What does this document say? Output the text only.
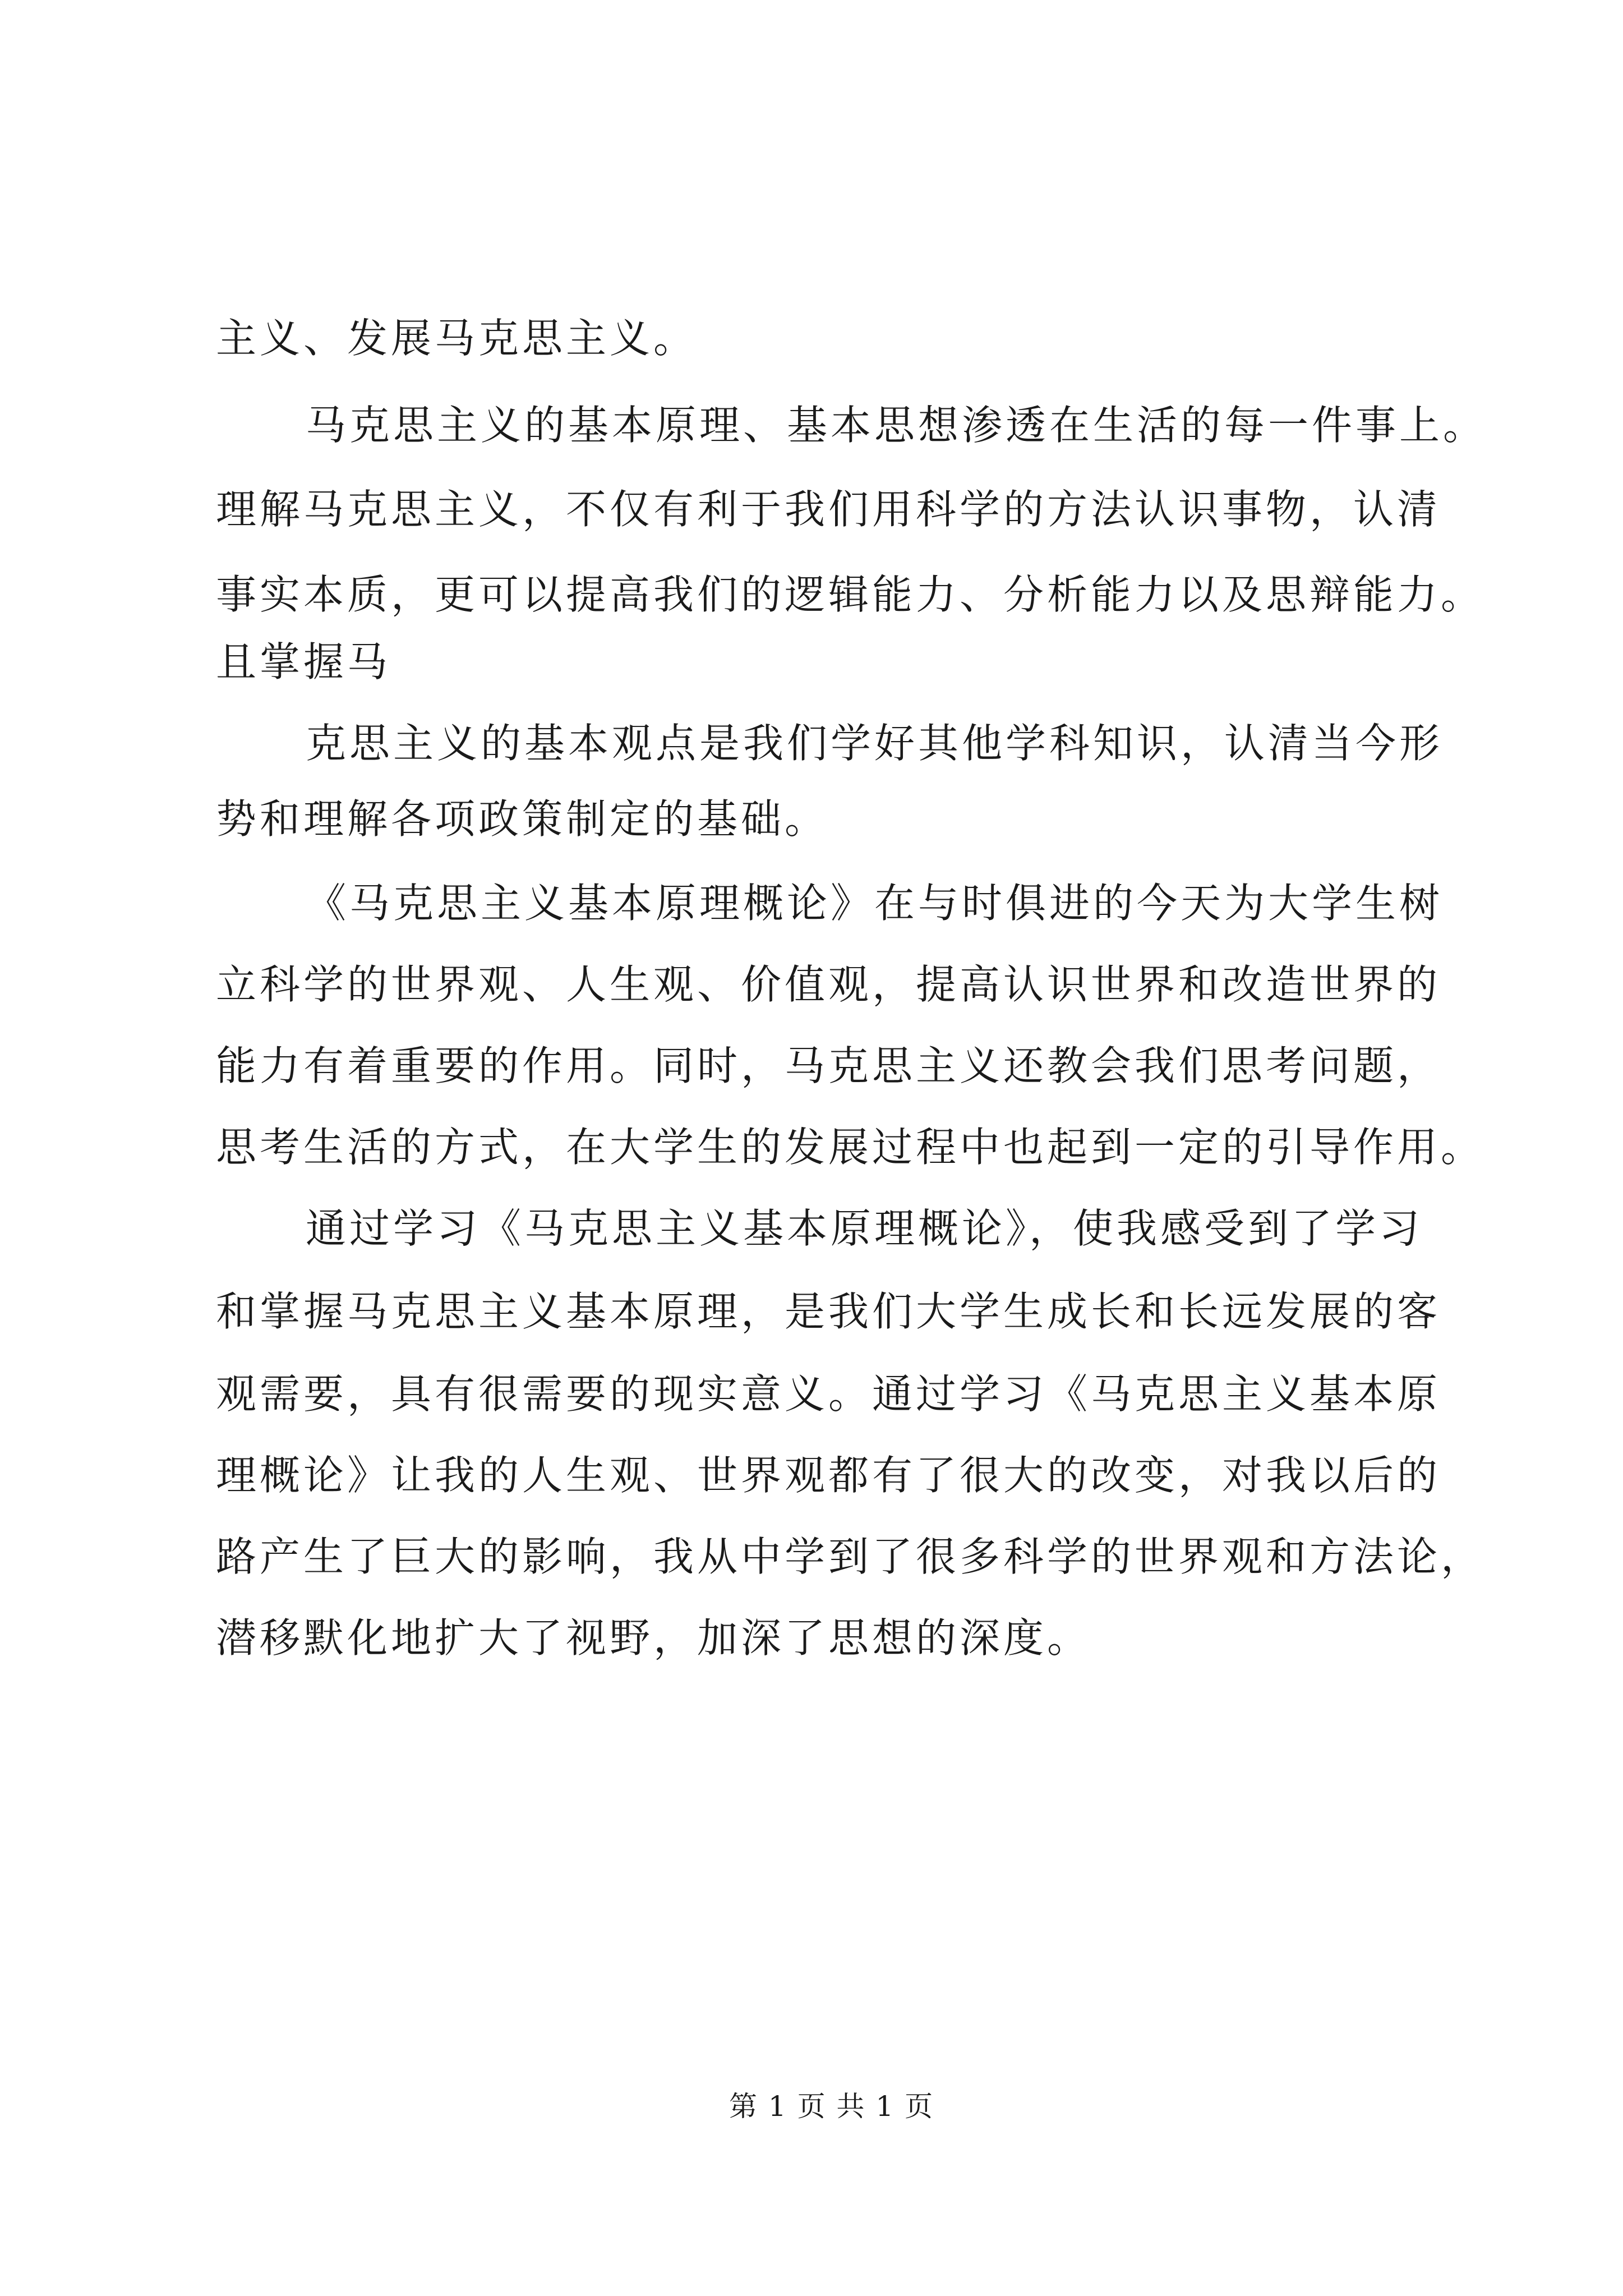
主义、发展马克思主义。
马克思主义的基本原理、基本思想渗透在生活的每一件事上。
理解马克思主义，不仅有利于我们用科学的方法认识事物，认清
事实本质，更可以提高我们的逻辑能力、分析能力以及思辩能力。
且掌握马
克思主义的基本观点是我们学好其他学科知识，认清当今形
势和理解各项政策制定的基础。
《马克思主义基本原理概论》在与时俱进的今天为大学生树
立科学的世界观、人生观、价值观，提高认识世界和改造世界的
能力有着重要的作用。同时，马克思主义还教会我们思考问题，
思考生活的方式，在大学生的发展过程中也起到一定的引导作用。
通过学习《马克思主义基本原理概论》，使我感受到了学习
和掌握马克思主义基本原理，是我们大学生成长和长远发展的客
观需要，具有很需要的现实意义。通过学习《马克思主义基本原
理概论》让我的人生观、世界观都有了很大的改变，对我以后的
路产生了巨大的影响，我从中学到了很多科学的世界观和方法论，
潜移默化地扩大了视野，加深了思想的深度。
第 1 页 共 1 页
